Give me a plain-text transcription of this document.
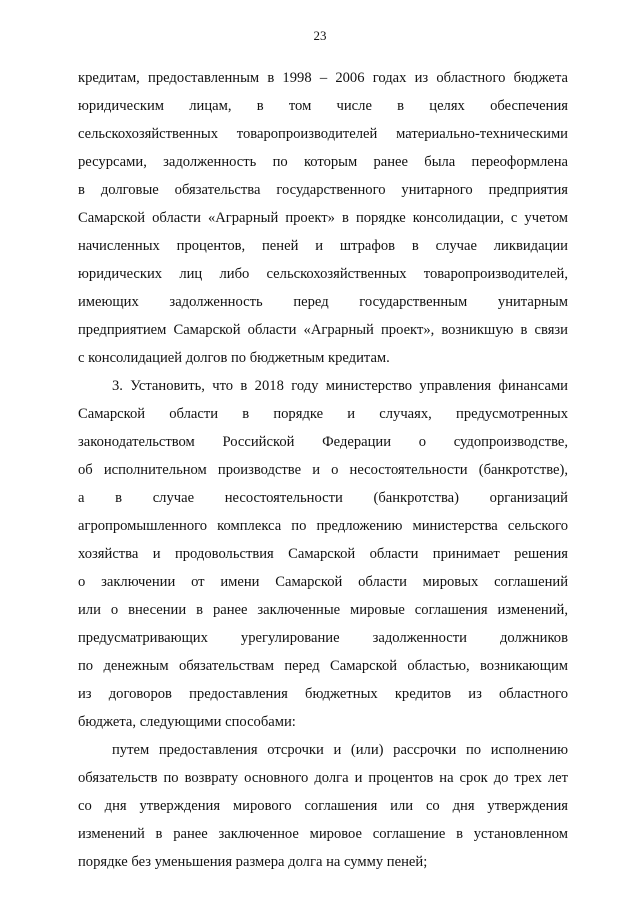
23
кредитам, предоставленным в 1998 – 2006 годах из областного бюджета
юридическим лицам, в том числе в целях обеспечения
сельскохозяйственных товаропроизводителей материально-техническими
ресурсами, задолженность по которым ранее была переоформлена
в долговые обязательства государственного унитарного предприятия
Самарской области «Аграрный проект» в порядке консолидации, с учетом
начисленных процентов, пеней и штрафов в случае ликвидации
юридических лиц либо сельскохозяйственных товаропроизводителей,
имеющих задолженность перед государственным унитарным
предприятием Самарской области «Аграрный проект», возникшую в связи
с консолидацией долгов по бюджетным кредитам.
3. Установить, что в 2018 году министерство управления финансами
Самарской области в порядке и случаях, предусмотренных
законодательством Российской Федерации о судопроизводстве,
об исполнительном производстве и о несостоятельности (банкротстве),
а в случае несостоятельности (банкротства) организаций
агропромышленного комплекса по предложению министерства сельского
хозяйства и продовольствия Самарской области принимает решения
о заключении от имени Самарской области мировых соглашений
или о внесении в ранее заключенные мировые соглашения изменений,
предусматривающих урегулирование задолженности должников
по денежным обязательствам перед Самарской областью, возникающим
из договоров предоставления бюджетных кредитов из областного
бюджета, следующими способами:
путем предоставления отсрочки и (или) рассрочки по исполнению
обязательств по возврату основного долга и процентов на срок до трех лет
со дня утверждения мирового соглашения или со дня утверждения
изменений в ранее заключенное мировое соглашение в установленном
порядке без уменьшения размера долга на сумму пеней;
